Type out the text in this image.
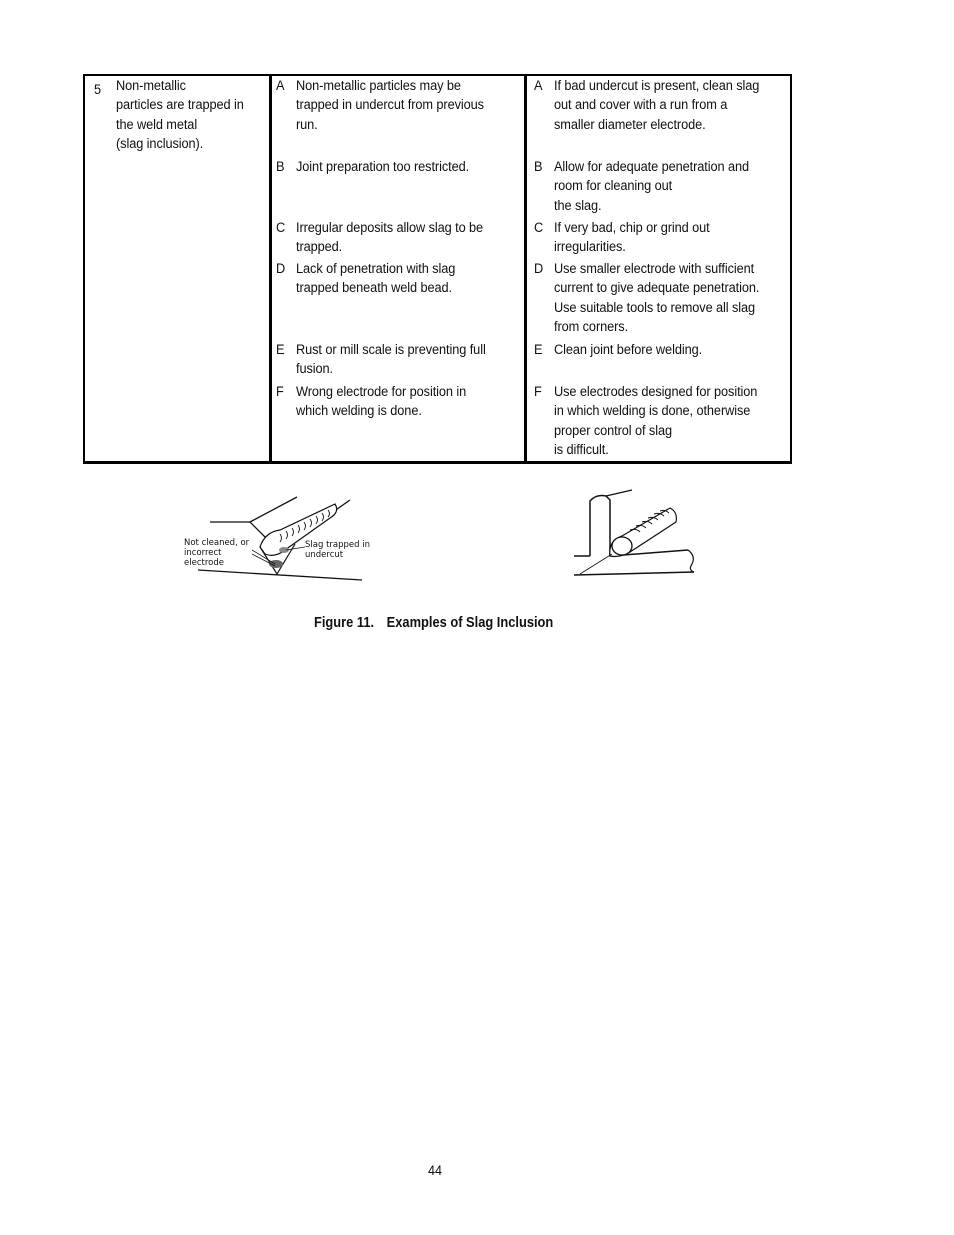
5 Non-metallic
particles are trapped in
the weld metal
(slag inclusion).
A Non-metallic particles may be
trapped in undercut from previous
run.
B Joint preparation too restricted.
C Irregular deposits allow slag to be
trapped.
D Lack of penetration with slag
trapped beneath weld bead.
E Rust or mill scale is preventing full
fusion.
F Wrong electrode for position in
which welding is done.
A If bad undercut is present, clean slag
out and cover with a run from a
smaller diameter electrode.
B Allow for adequate penetration and
room for cleaning out
the slag.
C If very bad, chip or grind out
irregularities.
D Use smaller electrode with sufficient
current to give adequate penetration.
Use suitable tools to remove all slag
from corners.
E Clean joint before welding.
F Use electrodes designed for position
in which welding is done, otherwise
proper control of slag
is difficult.
Not cleaned, or
incorrect
electrode
Slag trapped in
undercut
Figure 11. Examples of Slag Inclusion
44
